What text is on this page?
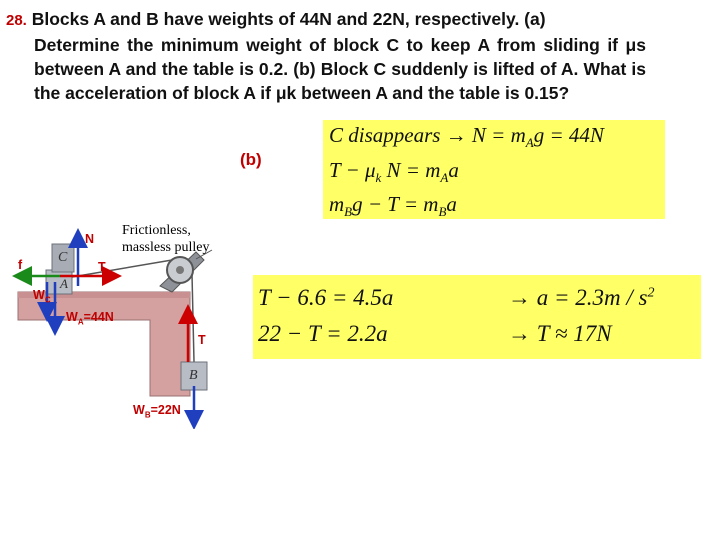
28. Blocks A and B have weights of 44N and 22N, respectively. (a)
Determine the minimum weight of block C to keep A from sliding if μs between A and the table is 0.2. (b) Block C suddenly is lifted of A. What is the acceleration of block A if μk between A and the table is 0.15?
(b)
C disappears → $N = m_Ag = 44N$
$T - \mu_k$ $N = m_Aa$
$m_Bg - T = m_Ba$
T − 6.6 = 4.5a
22 − T = 2.2a
→ $a = 2.3m / s^2$
→ T ≈ 17N
Frictionless,
massless pulley
C
A
B
N
f	T
T
$W_C$
$W_A=44N$
$W_B=22N$
